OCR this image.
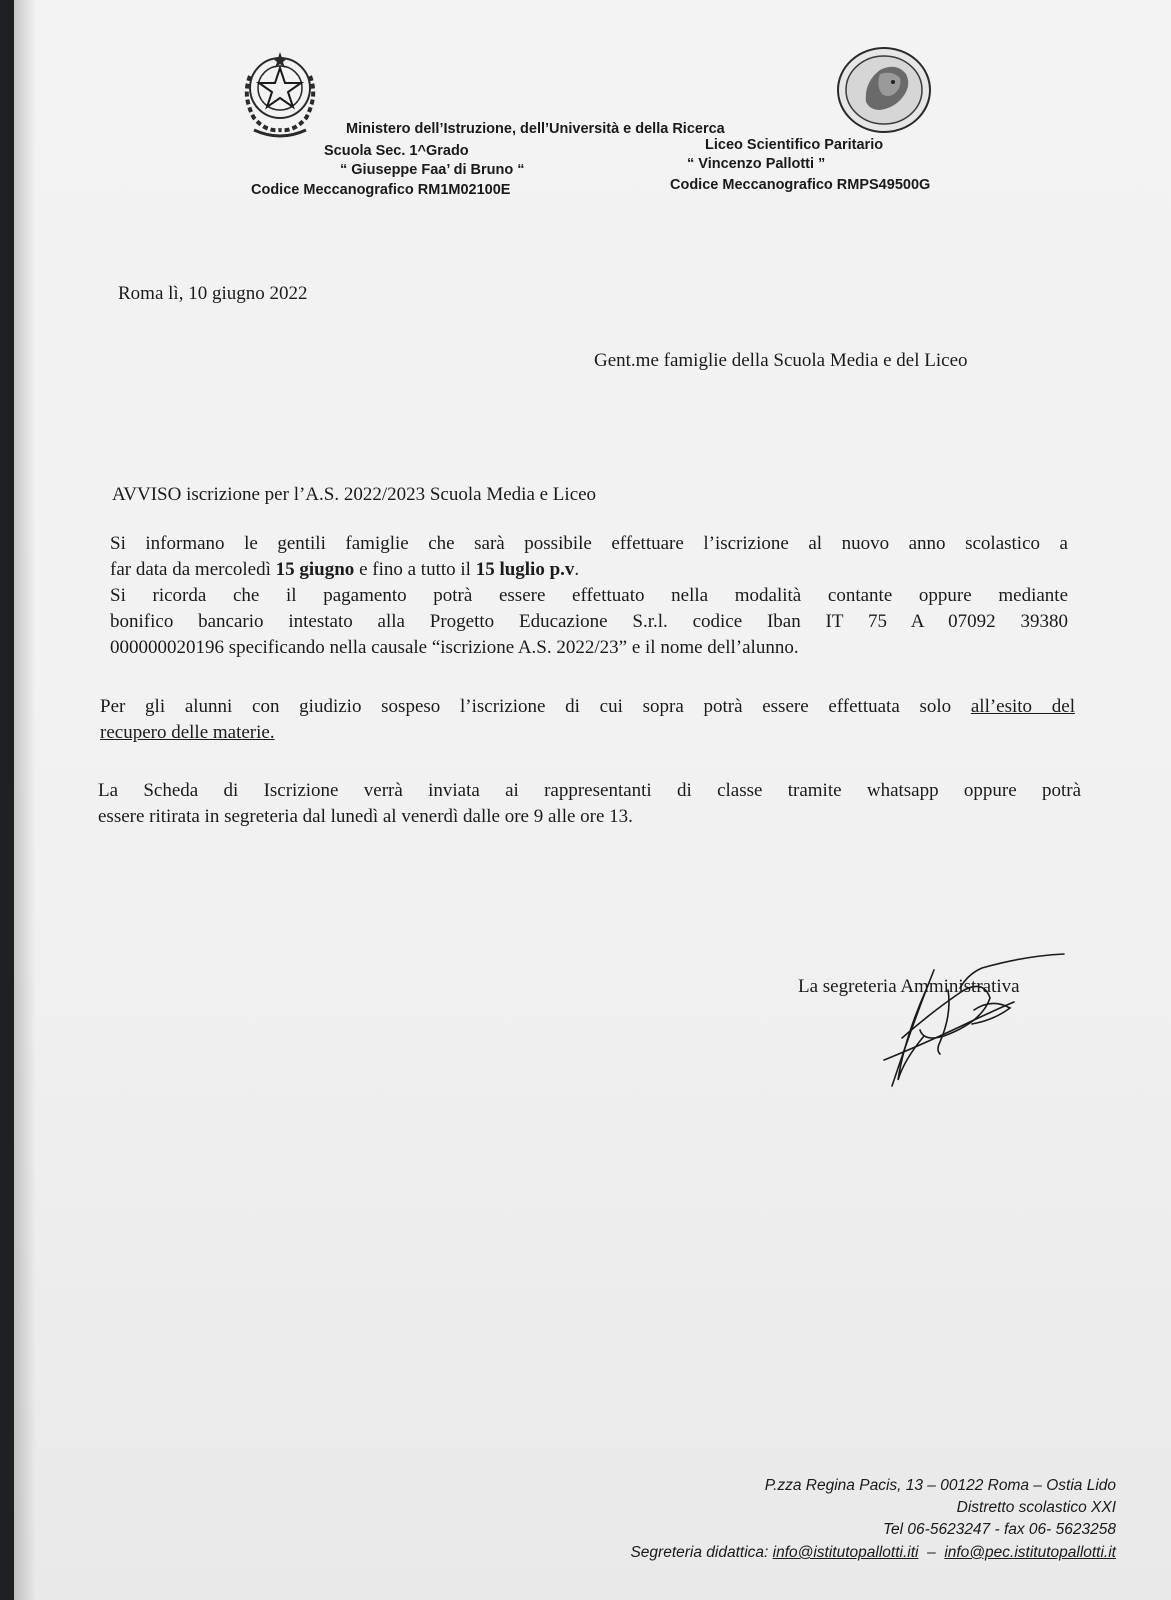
Ministero dell’Istruzione, dell’Università e della Ricerca
Scuola Sec. 1^Grado
“ Giuseppe Faa’ di Bruno “
Codice Meccanografico RM1M02100E
Liceo Scientifico Paritario
“ Vincenzo Pallotti ”
Codice Meccanografico RMPS49500G
Roma lì, 10 giugno 2022
Gent.me famiglie della Scuola Media e del Liceo
AVVISO iscrizione per l’A.S. 2022/2023 Scuola Media e Liceo
Si informano le gentili famiglie che sarà possibile effettuare l’iscrizione al nuovo anno scolastico a
far data da mercoledì 15 giugno e fino a tutto il 15 luglio p.v.
Si ricorda che il pagamento potrà essere effettuato nella modalità contante oppure mediante
bonifico bancario intestato alla Progetto Educazione S.r.l. codice Iban IT 75 A 07092 39380
000000020196 specificando nella causale “iscrizione A.S. 2022/23” e il nome dell’alunno.
Per gli alunni con giudizio sospeso l’iscrizione di cui sopra potrà essere effettuata solo all’esito del
recupero delle materie.
La Scheda di Iscrizione verrà inviata ai rappresentanti di classe tramite whatsapp oppure potrà
essere ritirata in segreteria dal lunedì al venerdì dalle ore 9 alle ore 13.
La segreteria Amministrativa
P.zza Regina Pacis, 13 – 00122 Roma – Ostia Lido
Distretto scolastico XXI
Tel 06-5623247 - fax 06- 5623258
Segreteria didattica: info@istitutopallotti.iti  –  info@pec.istitutopallotti.it
